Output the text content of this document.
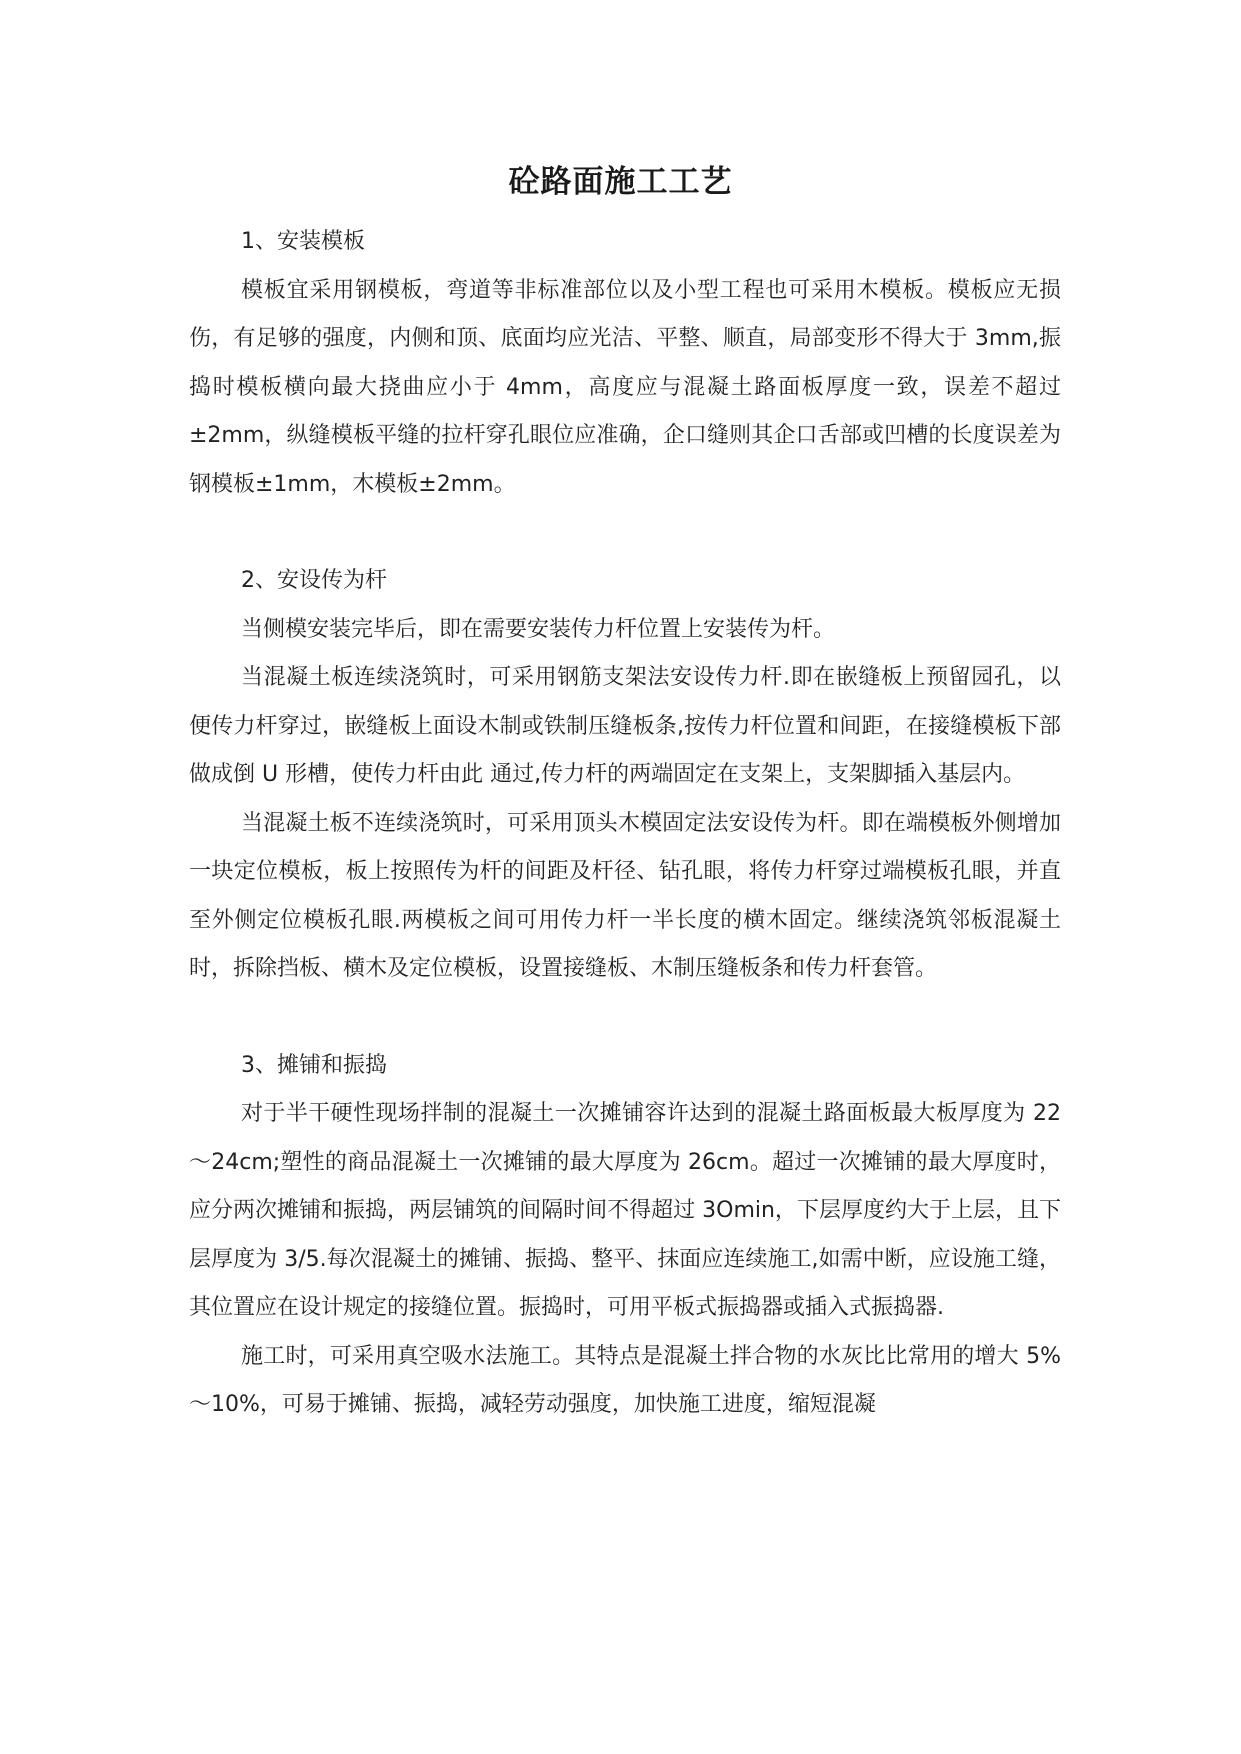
砼路面施工工艺

1、安装模板

模板宜采用钢模板，弯道等非标准部位以及小型工程也可采用木模板。模板应无损伤，有足够的强度，内侧和顶、底面均应光洁、平整、顺直，局部变形不得大于 3mm,振捣时模板横向最大挠曲应小于 4mm，高度应与混凝土路面板厚度一致，误差不超过±2mm，纵缝模板平缝的拉杆穿孔眼位应准确，企口缝则其企口舌部或凹槽的长度误差为钢模板±1mm，木模板±2mm。

2、安设传为杆

当侧模安装完毕后，即在需要安装传力杆位置上安装传为杆。

当混凝土板连续浇筑时，可采用钢筋支架法安设传力杆.即在嵌缝板上预留园孔，以便传力杆穿过，嵌缝板上面设木制或铁制压缝板条,按传力杆位置和间距，在接缝模板下部做成倒 U 形槽，使传力杆由此 通过,传力杆的两端固定在支架上，支架脚插入基层内。

当混凝土板不连续浇筑时，可采用顶头木模固定法安设传为杆。即在端模板外侧增加一块定位模板，板上按照传为杆的间距及杆径、钻孔眼，将传力杆穿过端模板孔眼，并直至外侧定位模板孔眼.两模板之间可用传力杆一半长度的横木固定。继续浇筑邻板混凝土时，拆除挡板、横木及定位模板，设置接缝板、木制压缝板条和传力杆套管。

3、摊铺和振捣

对于半干硬性现场拌制的混凝土一次摊铺容许达到的混凝土路面板最大板厚度为 22～24cm;塑性的商品混凝土一次摊铺的最大厚度为 26cm。超过一次摊铺的最大厚度时，应分两次摊铺和振捣，两层铺筑的间隔时间不得超过 3Omin，下层厚度约大于上层，且下层厚度为 3/5.每次混凝土的摊铺、振捣、整平、抹面应连续施工,如需中断，应设施工缝，其位置应在设计规定的接缝位置。振捣时，可用平板式振捣器或插入式振捣器.

施工时，可采用真空吸水法施工。其特点是混凝土拌合物的水灰比比常用的增大 5%～10%，可易于摊铺、振捣，减轻劳动强度，加快施工进度，缩短混凝
